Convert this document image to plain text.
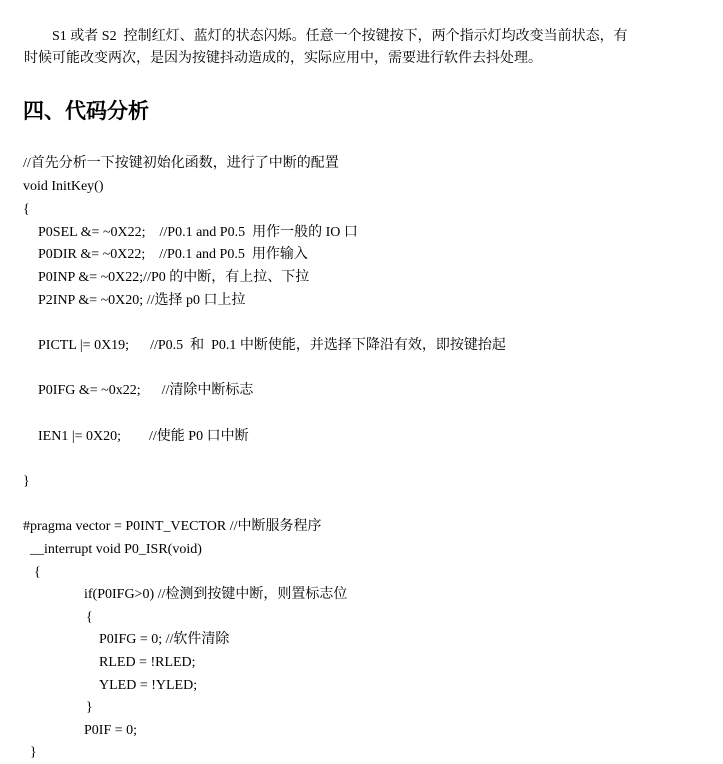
S1 或者 S2  控制红灯、蓝灯的状态闪烁。任意一个按键按下，两个指示灯均改变当前状态，有
时候可能改变两次，是因为按键抖动造成的，实际应用中，需要进行软件去抖处理。
四、代码分析
//首先分析一下按键初始化函数，进行了中断的配置
void InitKey()
{
P0SEL &= ~0X22;    //P0.1 and P0.5  用作一般的 IO 口
P0DIR &= ~0X22;    //P0.1 and P0.5  用作输入
P0INP &= ~0X22;//P0 的中断，有上拉、下拉
P2INP &= ~0X20; //选择 p0 口上拉
PICTL |= 0X19;      //P0.5  和  P0.1 中断使能，并选择下降沿有效，即按键抬起
P0IFG &= ~0x22;      //清除中断标志
IEN1 |= 0X20;        //使能 P0 口中断
}
#pragma vector = P0INT_VECTOR //中断服务程序
__interrupt void P0_ISR(void)
{
if(P0IFG>0) //检测到按键中断，则置标志位
{
P0IFG = 0; //软件清除
RLED = !RLED;
YLED = !YLED;
}
P0IF = 0;
}
